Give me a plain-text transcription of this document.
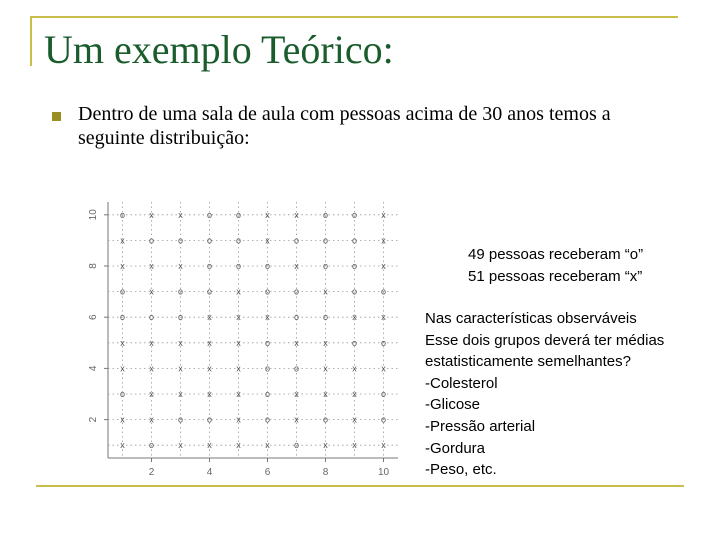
Um exemplo Teórico:
Dentro de uma sala de aula com pessoas acima de 30 anos temos a seguinte distribuição:
2	4	6	8	10
2
4
6
8
10 o	x	x	o	o	x	x	o	o	x
x	o	o	o	o	x	o	o	o	x
x	x	x	o	o	o	x	o	o	x
o	x	o	o	x	o	o	x	o	o
o	o	o	x	x	x	o	o	x	x
x	x	x	x	x	o	x	x	o	o
x	x	x	x	x	o	o	x	x	x
o	x	x	x	x	o	x	x	x	o
x	x	o	o	x	o	x	o	x	o
x	o	x	x	x	x	o	x	x	x
49 pessoas receberam “o”
51 pessoas receberam “x”
Nas características observáveis
Esse dois grupos deverá ter médias
estatisticamente semelhantes?
-Colesterol
-Glicose
-Pressão arterial
-Gordura
-Peso, etc.
